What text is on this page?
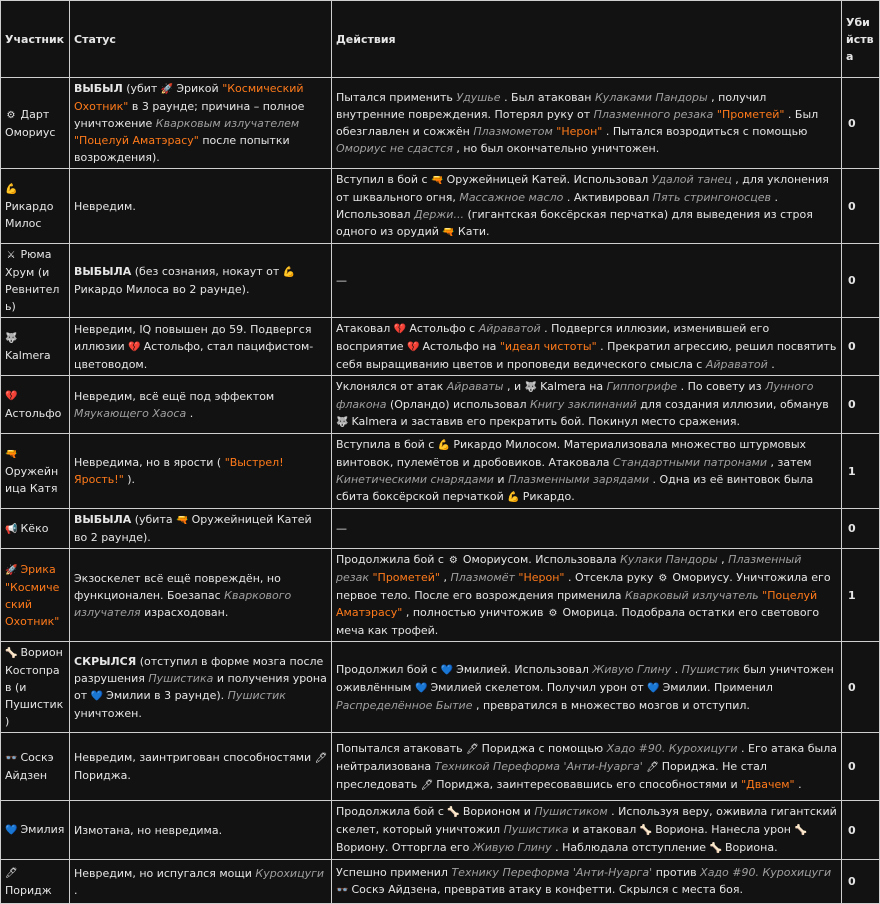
Участник	Статус	Действия	Убийства
⚙ Дарт Омориус	ВЫБЫЛ (убит 🚀 Эрикой "Космический Охотник" в 3 раунде; причина – полное уничтожение Кварковым излучателем "Поцелуй Аматэрасу" после попытки возрождения).	Пытался применить Удушье . Был атакован Кулаками Пандоры , получил внутренние повреждения. Потерял руку от Плазменного резака "Прометей" . Был обезглавлен и сожжён Плазмометом "Нерон" . Пытался возродиться с помощью Омориус не сдастся , но был окончательно уничтожен.	0
💪 Рикардо Милос	Невредим.	Вступил в бой с 🔫 Оружейницей Катей. Использовал Удалой танец , для уклонения от шквального огня, Массажное масло . Активировал Пять стрингоносцев . Использовал Держи... (гигантская боксёрская перчатка) для выведения из строя одного из орудий 🔫 Кати.	0
⚔ Рюма Хрум (и Ревнитель)	ВЫБЫЛА (без сознания, нокаут от 💪 Рикардо Милоса во 2 раунде).	—	0
🐺 Kalmera	Невредим, IQ повышен до 59. Подвергся иллюзии 💔 Астольфо, стал пацифистом-цветоводом.	Атаковал 💔 Астольфо с Айраватой . Подвергся иллюзии, изменившей его восприятие 💔 Астольфо на "идеал чистоты" . Прекратил агрессию, решил посвятить себя выращиванию цветов и проповеди ведического смысла с Айраватой .	0
💔 Астольфо	Невредим, всё ещё под эффектом Мяукающего Хаоса .	Уклонялся от атак Айраваты , и 🐺 Kalmera на Гиппогрифе . По совету из Лунного флакона (Орландо) использовал Книгу заклинаний для создания иллюзии, обманув 🐺 Kalmera и заставив его прекратить бой. Покинул место сражения.	0
🔫 Оружейница Катя	Невредима, но в ярости ( "Выстрел! Ярость!" ).	Вступила в бой с 💪 Рикардо Милосом. Материализовала множество штурмовых винтовок, пулемётов и дробовиков. Атаковала Стандартными патронами , затем Кинетическими снарядами и Плазменными зарядами . Одна из её винтовок была сбита боксёрской перчаткой 💪 Рикардо.	1
📢 Кёко	ВЫБЫЛА (убита 🔫 Оружейницей Катей во 2 раунде).	—	0
🚀 Эрика "Космический Охотник"	Экзоскелет всё ещё повреждён, но функционален. Боезапас Кваркового излучателя израсходован.	Продолжила бой с ⚙ Омориусом. Использовала Кулаки Пандоры , Плазменный резак "Прометей" , Плазмомёт "Нерон" . Отсекла руку ⚙ Омориусу. Уничтожила его первое тело. После его возрождения применила Кварковый излучатель "Поцелуй Аматэрасу" , полностью уничтожив ⚙ Оморица. Подобрала остатки его светового меча как трофей.	1
🦴 Ворион Костоправ (и Пушистик)	СКРЫЛСЯ (отступил в форме мозга после разрушения Пушистика и получения урона от 💙 Эмилии в 3 раунде). Пушистик уничтожен.	Продолжил бой с 💙 Эмилией. Использовал Живую Глину . Пушистик был уничтожен оживлённым 💙 Эмилией скелетом. Получил урон от 💙 Эмилии. Применил Распределённое Бытие , превратился в множество мозгов и отступил.	0
👓 Соскэ Айдзен	Невредим, заинтригован способностями 🖊 Пориджа.	Попытался атаковать 🖊 Пориджа с помощью Хадо #90. Курохицуги . Его атака была нейтрализована Техникой Переформа 'Анти-Нуарга' 🖊 Пориджа. Не стал преследовать 🖊 Пориджа, заинтересовавшись его способностями и "Двачем" .	0
💙 Эмилия	Измотана, но невредима.	Продолжила бой с 🦴 Ворионом и Пушистиком . Используя веру, оживила гигантский скелет, который уничтожил Пушистика и атаковал 🦴 Вориона. Нанесла урон 🦴 Вориону. Отторгла его Живую Глину . Наблюдала отступление 🦴 Вориона.	0
🖊 Поридж	Невредим, но испугался мощи Курохицуги .	Успешно применил Технику Переформа 'Анти-Нуарга' против Хадо #90. Курохицуги 👓 Соскэ Айдзена, превратив атаку в конфетти. Скрылся с места боя.	0
